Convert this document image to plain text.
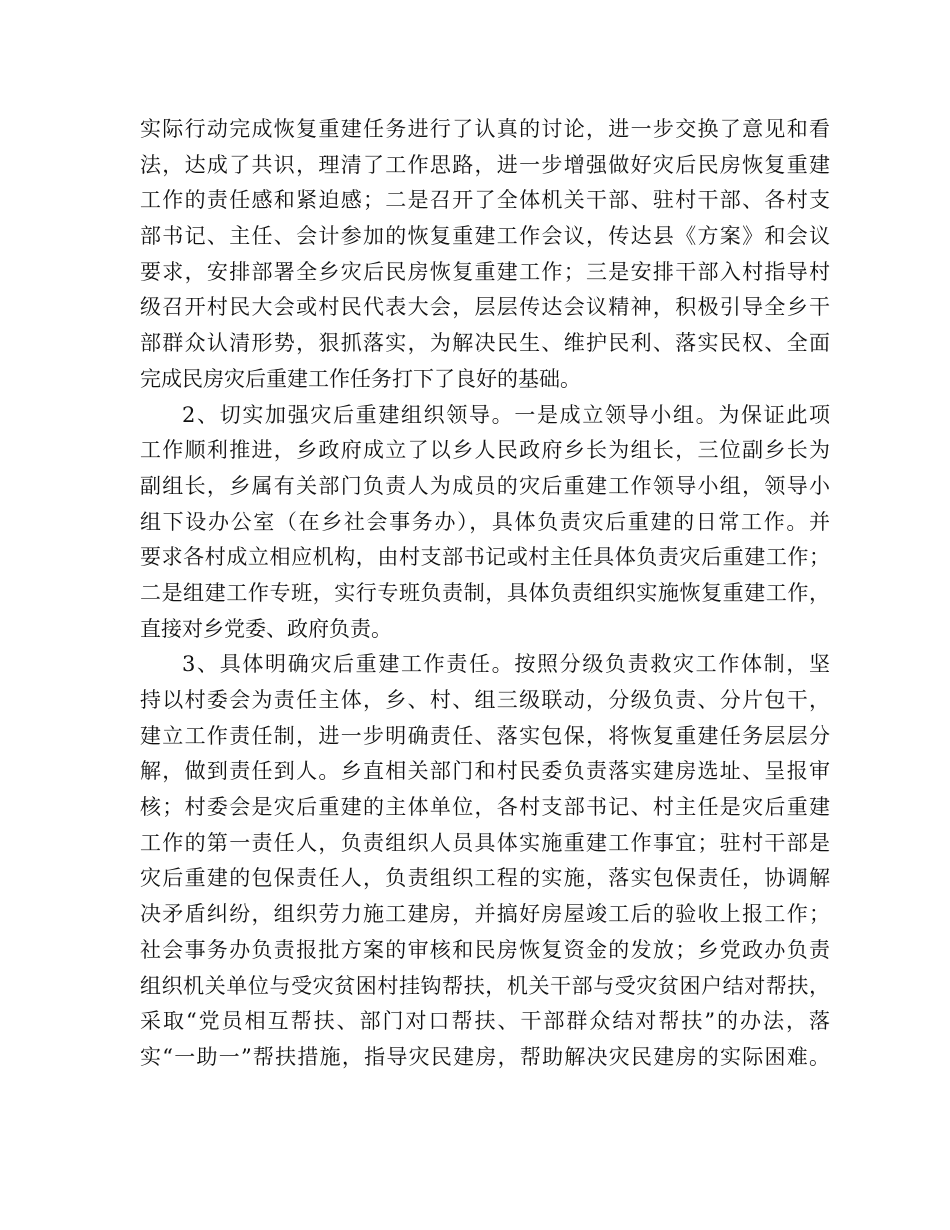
实际行动完成恢复重建任务进行了认真的讨论，进一步交换了意见和看
法，达成了共识，理清了工作思路，进一步增强做好灾后民房恢复重建
工作的责任感和紧迫感；二是召开了全体机关干部、驻村干部、各村支
部书记、主任、会计参加的恢复重建工作会议，传达县《方案》和会议
要求，安排部署全乡灾后民房恢复重建工作；三是安排干部入村指导村
级召开村民大会或村民代表大会，层层传达会议精神，积极引导全乡干
部群众认清形势，狠抓落实，为解决民生、维护民利、落实民权、全面
完成民房灾后重建工作任务打下了良好的基础。
2、切实加强灾后重建组织领导。一是成立领导小组。为保证此项
工作顺利推进，乡政府成立了以乡人民政府乡长为组长，三位副乡长为
副组长，乡属有关部门负责人为成员的灾后重建工作领导小组，领导小
组下设办公室（在乡社会事务办），具体负责灾后重建的日常工作。并
要求各村成立相应机构，由村支部书记或村主任具体负责灾后重建工作；
二是组建工作专班，实行专班负责制，具体负责组织实施恢复重建工作，
直接对乡党委、政府负责。
3、具体明确灾后重建工作责任。按照分级负责救灾工作体制，坚
持以村委会为责任主体，乡、村、组三级联动，分级负责、分片包干，
建立工作责任制，进一步明确责任、落实包保，将恢复重建任务层层分
解，做到责任到人。乡直相关部门和村民委负责落实建房选址、呈报审
核；村委会是灾后重建的主体单位，各村支部书记、村主任是灾后重建
工作的第一责任人，负责组织人员具体实施重建工作事宜；驻村干部是
灾后重建的包保责任人，负责组织工程的实施，落实包保责任，协调解
决矛盾纠纷，组织劳力施工建房，并搞好房屋竣工后的验收上报工作；
社会事务办负责报批方案的审核和民房恢复资金的发放；乡党政办负责
组织机关单位与受灾贫困村挂钩帮扶，机关干部与受灾贫困户结对帮扶，
采取“党员相互帮扶、部门对口帮扶、干部群众结对帮扶”的办法，落
实“一助一”帮扶措施，指导灾民建房，帮助解决灾民建房的实际困难。
